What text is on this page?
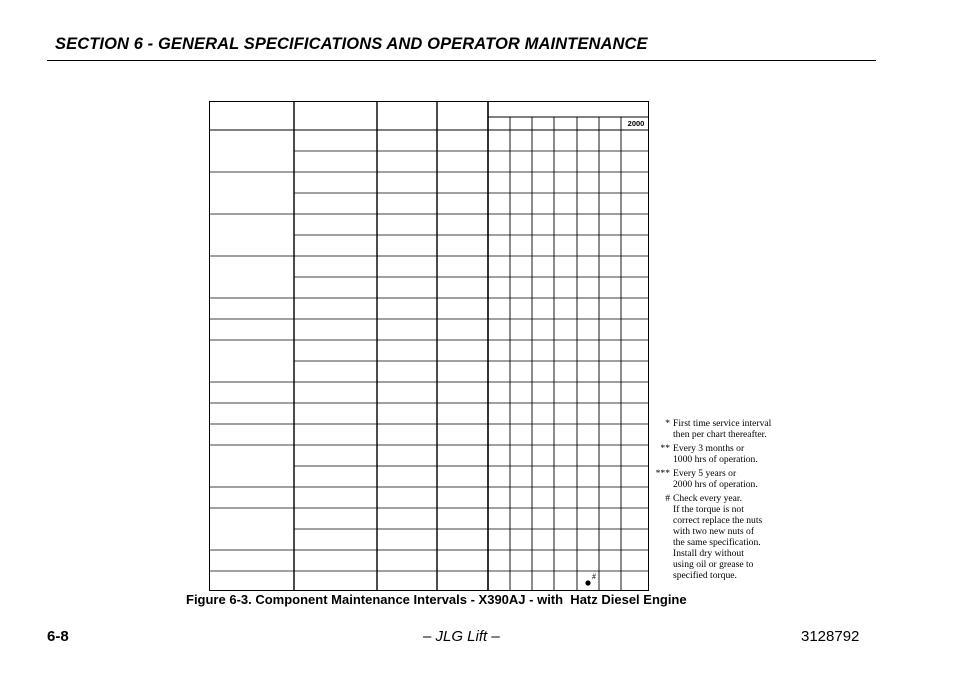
SECTION 6 - GENERAL SPECIFICATIONS AND OPERATOR MAINTENANCE
2000
#
* First time service interval
then per chart thereafter.
** Every 3 months or
1000 hrs of operation.
*** Every 5 years or
2000 hrs of operation.
# Check every year.
If the torque is not
correct replace the nuts
with two new nuts of
the same specification.
Install dry without
using oil or grease to
specified torque.
Figure 6-3. Component Maintenance Intervals - X390AJ - with  Hatz Diesel Engine
6-8	– JLG Lift –	3128792
